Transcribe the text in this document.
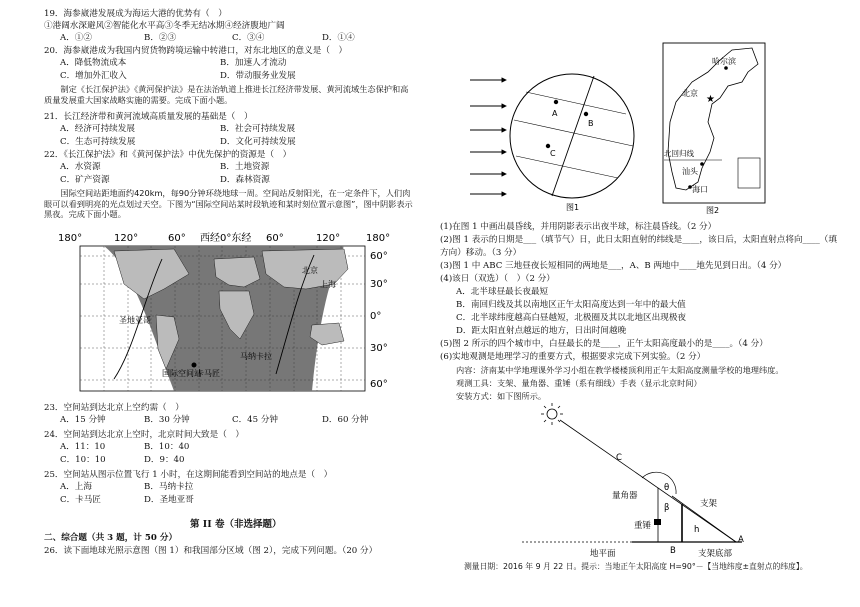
19．海参崴港发展成为海运大港的优势有（　）
①港阔水深避风②智能化水平高③冬季无结冰期④经济腹地广阔
A．①②	B．②③	C．③④	D．①④
20．海参崴港成为我国内贸货物跨境运输中转港口，对东北地区的意义是（　）
A．降低物流成本	B．加速人才流动
C．增加外汇收入	D．带动服务业发展
制定《长江保护法》《黄河保护法》是在法治轨道上推进长江经济带发展、黄河流域生态保护和高质量发展重大国家战略实施的需要。完成下面小题。
21．长江经济带和黄河流域高质量发展的基础是（　）
A．经济可持续发展	B．社会可持续发展
C．生态可持续发展	D．文化可持续发展
22．《长江保护法》和《黄河保护法》中优先保护的资源是（　）
A．水资源	B．土地资源
C．矿产资源	D．森林资源
国际空间站距地面约420km，每90分钟环绕地球一周。空间站反射阳光，在一定条件下，人们肉眼可以看到明亮的光点划过天空。下图为“国际空间站某时段轨迹和某时刻位置示意图”，图中阴影表示黑夜。完成下面小题。
180°	120°	60° 西经0°东经 60°	120°	180°
60°
30°
0°
30°
60°
北京
上海
圣地亚哥
马纳卡拉
国际空间站
卡马匠
23．空间站到达北京上空约需（　）
A．15 分钟	B．30 分钟	C．45 分钟	D．60 分钟
24．空间站到达北京上空时，北京时间大致是（　）
A．11：10	B．10：40
C．10：10	D．9：40
25．空间站从图示位置飞行 1 小时，在这期间能看到空间站的地点是（　）
A．上海	B．马纳卡拉
C．卡马匠	D．圣地亚哥
第 II 卷（非选择题）
二、综合题（共 3 题，计 50 分）
26．读下面地球光照示意图（图 1）和我国部分区域（图 2），完成下列问题。（20 分）
A
B
C
图1
★
哈尔滨
北京
北回归线
汕头
海口
图2
(1)在图 1 中画出晨昏线，并用阴影表示出夜半球，标注晨昏线。（2 分）
(2)图 1 表示的日期是___（填节气）日，此日太阳直射的纬线是____，该日后，太阳直射点将向____（填
方向）移动。（3 分）
(3)图 1 中 ABC 三地昼夜长短相同的两地是___，A、B 两地中____地先见到日出。（4 分）
(4)该日（双选）（　）（2 分）
A．北半球昼最长夜最短
B．南回归线及其以南地区正午太阳高度达到一年中的最大值
C．北半球纬度越高白昼越短，北极圈及其以北地区出现极夜
D．距太阳直射点越远的地方，日出时间越晚
(5)图 2 所示的四个城市中，白昼最长的是____，正午太阳高度最小的是____。（4 分）
(6)实地观测是地理学习的重要方式，根据要求完成下列实验。（2 分）
内容：济南某中学地理课外学习小组在教学楼楼顶利用正午太阳高度测量学校的地理纬度。
观测工具：支架、量角器、重锤（系有细线）手表（显示北京时间）
安装方式：如下图所示。
C
量角器
θ
β	支架
重锤
A
h
B
地平面	支架底部
测量日期：2016 年 9 月 22 日。提示：当地正午太阳高度 H=90°－【当地纬度±直射点的纬度】。
